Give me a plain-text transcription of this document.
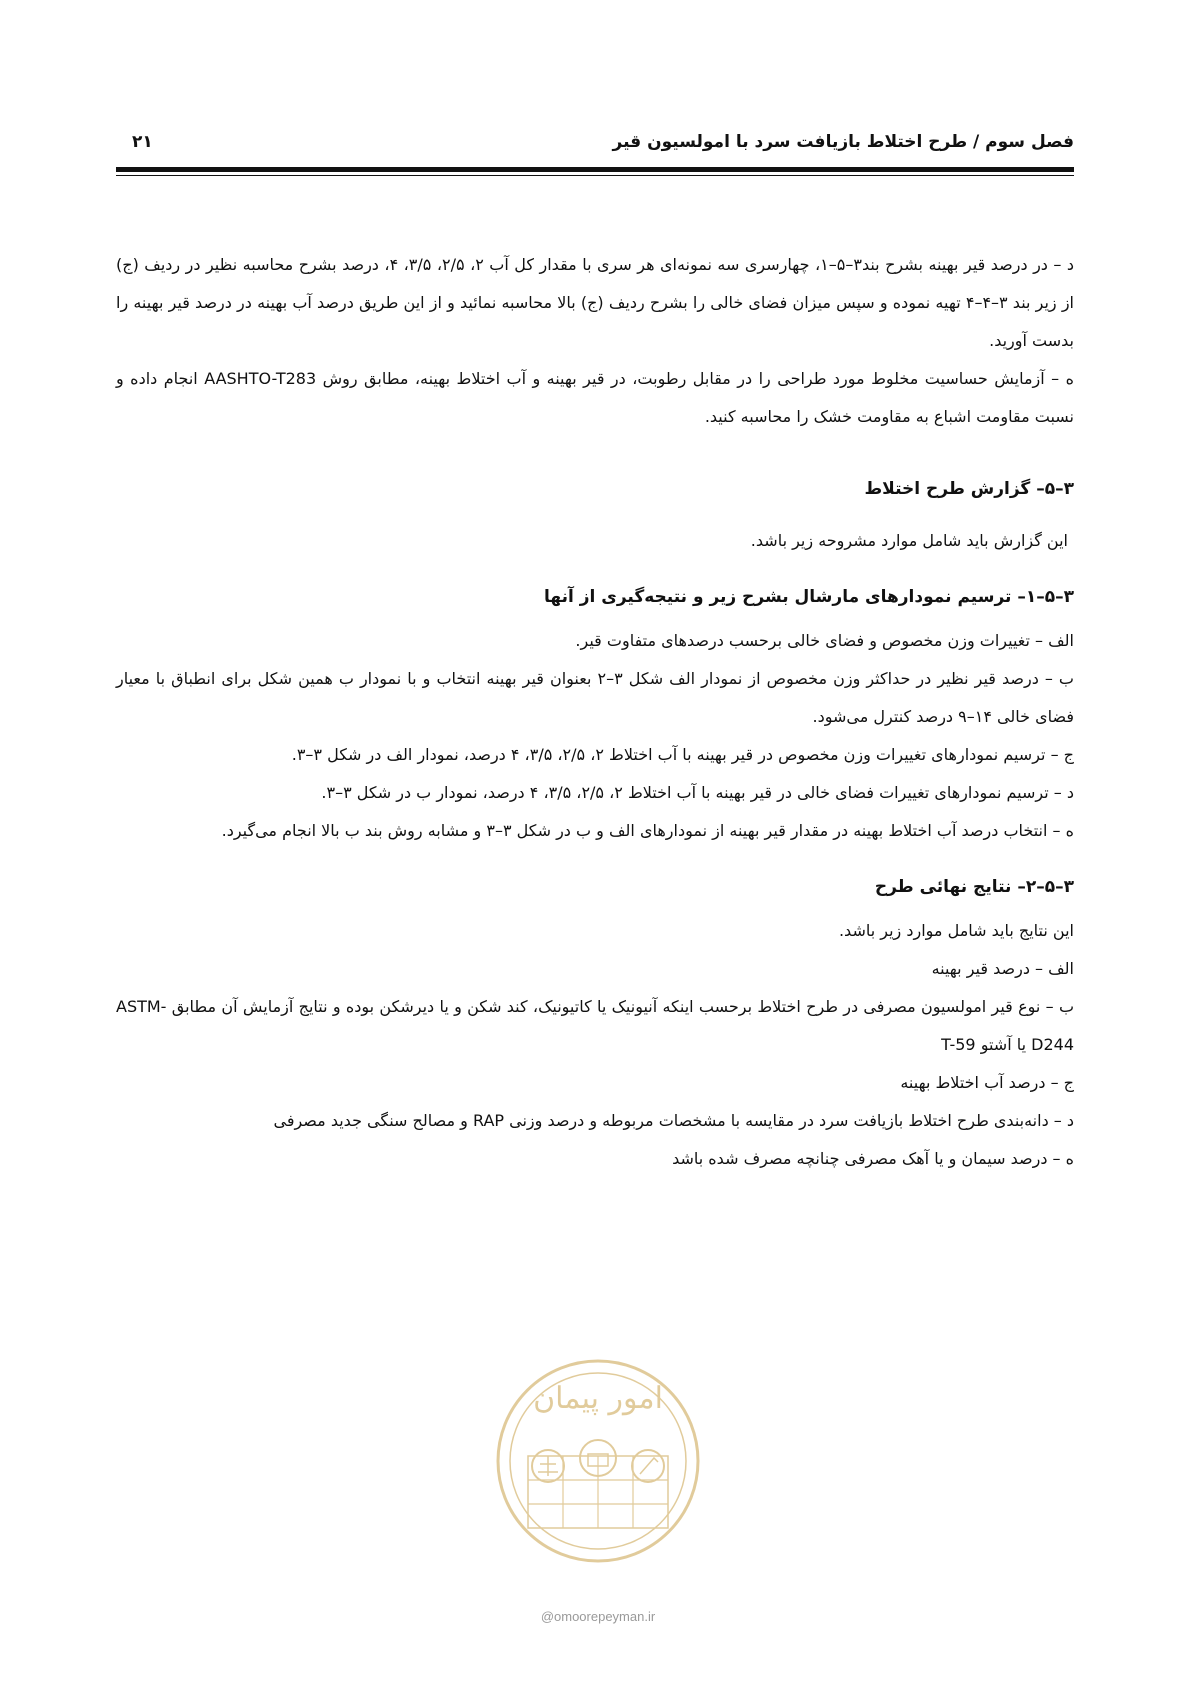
فصل سوم / طرح اختلاط بازیافت سرد با امولسیون قیر
۲۱

د – در درصد قیر بهینه بشرح بند۳–۵–۱، چهارسری سه نمونه‌ای هر سری با مقدار کل آب ۲، ۲/۵، ۳/۵، ۴، درصد بشرح محاسبه نظیر در ردیف (ج) از زیر بند ۳–۴–۴ تهیه نموده و سپس میزان فضای خالی را بشرح ردیف (ج) بالا محاسبه نمائید و از این طریق درصد آب بهینه در درصد قیر بهینه را بدست آورید.

ه – آزمایش حساسیت مخلوط مورد طراحی را در مقابل رطوبت، در قیر بهینه و آب اختلاط بهینه، مطابق روش AASHTO-T283 انجام داده و نسبت مقاومت اشباع به مقاومت خشک را محاسبه کنید.

۳–۵– گزارش طرح اختلاط

این گزارش باید شامل موارد مشروحه زیر باشد.

۳–۵–۱– ترسیم نمودارهای مارشال بشرح زیر و نتیجه‌گیری از آنها

الف – تغییرات وزن مخصوص و فضای خالی برحسب درصدهای متفاوت قیر.

ب – درصد قیر نظیر در حداکثر وزن مخصوص از نمودار الف شکل ۳–۲ بعنوان قیر بهینه انتخاب و با نمودار ب همین شکل برای انطباق با معیار فضای خالی ۱۴–۹ درصد کنترل می‌شود.

ج – ترسیم نمودارهای تغییرات وزن مخصوص در قیر بهینه با آب اختلاط ۲، ۲/۵، ۳/۵، ۴ درصد، نمودار الف در شکل ۳–۳.

د – ترسیم نمودارهای تغییرات فضای خالی در قیر بهینه با آب اختلاط ۲، ۲/۵، ۳/۵، ۴ درصد، نمودار ب در شکل ۳–۳.

ه – انتخاب درصد آب اختلاط بهینه در مقدار قیر بهینه از نمودارهای الف و ب در شکل ۳–۳ و مشابه روش بند ب بالا انجام می‌گیرد.

۳–۵–۲– نتایج نهائی طرح

این نتایج باید شامل موارد زیر باشد.

الف – درصد قیر بهینه

ب – نوع قیر امولسیون مصرفی در طرح اختلاط برحسب اینکه آنیونیک یا کاتیونیک، کند شکن و یا دیرشکن بوده و نتایج آزمایش آن مطابق ASTM-D244 یا آشتو T-59

ج – درصد آب اختلاط بهینه

د – دانه‌بندی طرح اختلاط بازیافت سرد در مقایسه با مشخصات مربوطه و درصد وزنی RAP و مصالح سنگی جدید مصرفی

ه – درصد سیمان و یا آهک مصرفی چنانچه مصرف شده باشد

امور پیمان
@omoorepeyman.ir
